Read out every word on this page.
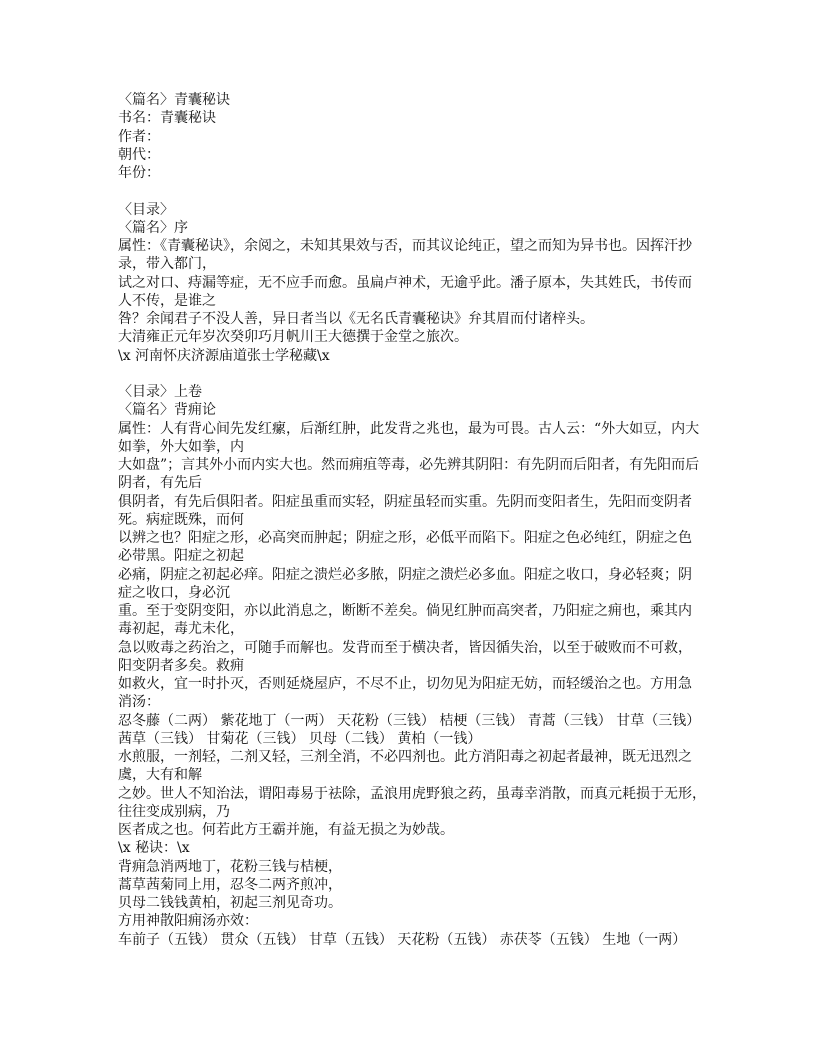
〈篇名〉青囊秘诀
书名：青囊秘诀
作者：
朝代：
年份：
〈目录〉
〈篇名〉序
属性：《青囊秘诀》，余阅之，未知其果效与否，而其议论纯正，望之而知为异书也。因挥汗抄
录，带入都门，
试之对口、痔漏等症，无不应手而愈。虽扁卢神术，无逾乎此。潘子原本，失其姓氏，书传而
人不传，是谁之
咎？余闻君子不没人善，异日者当以《无名氏青囊秘诀》弁其眉而付诸梓头。
大清雍正元年岁次癸卯巧月帆川王大德撰于金堂之旅次。
\x 河南怀庆济源庙道张士学秘藏\x
〈目录〉上卷
〈篇名〉背痈论
属性：人有背心间先发红瘰，后渐红肿，此发背之兆也，最为可畏。古人云：“外大如豆，内大
如拳，外大如拳，内
大如盘”；言其外小而内实大也。然而痈疽等毒，必先辨其阴阳：有先阴而后阳者，有先阳而后
阴者，有先后
俱阴者，有先后俱阳者。阳症虽重而实轻，阴症虽轻而实重。先阴而变阳者生，先阳而变阴者
死。病症既殊，而何
以辨之也？阳症之形，必高突而肿起；阴症之形，必低平而陷下。阳症之色必纯红，阴症之色
必带黑。阳症之初起
必痛，阴症之初起必痒。阳症之溃烂必多脓，阴症之溃烂必多血。阳症之收口，身必轻爽；阴
症之收口，身必沉
重。至于变阴变阳，亦以此消息之，断断不差矣。倘见红肿而高突者，乃阳症之痈也，乘其内
毒初起，毒尤未化，
急以败毒之药治之，可随手而解也。发背而至于横决者，皆因循失治，以至于破败而不可救，
阳变阴者多矣。救痈
如救火，宜一时扑灭，否则延烧屋庐，不尽不止，切勿见为阳症无妨，而轻缓治之也。方用急
消汤：
忍冬藤（二两） 紫花地丁（一两） 天花粉（三钱） 桔梗（三钱） 青蒿（三钱） 甘草（三钱）
茜草（三钱） 甘菊花（三钱） 贝母（二钱） 黄柏（一钱）
水煎服，一剂轻，二剂又轻，三剂全消，不必四剂也。此方消阳毒之初起者最神，既无迅烈之
虞，大有和解
之妙。世人不知治法，谓阳毒易于祛除，孟浪用虎野狼之药，虽毒幸消散，而真元耗损于无形，
往往变成别病，乃
医者成之也。何若此方王霸并施，有益无损之为妙哉。
\x 秘诀：\x
背痈急消两地丁，花粉三钱与桔梗，
蒿草茜菊同上用，忍冬二两齐煎冲，
贝母二钱钱黄柏，初起三剂见奇功。
方用神散阳痈汤亦效：
车前子（五钱） 贯众（五钱） 甘草（五钱） 天花粉（五钱） 赤茯苓（五钱） 生地（一两）
